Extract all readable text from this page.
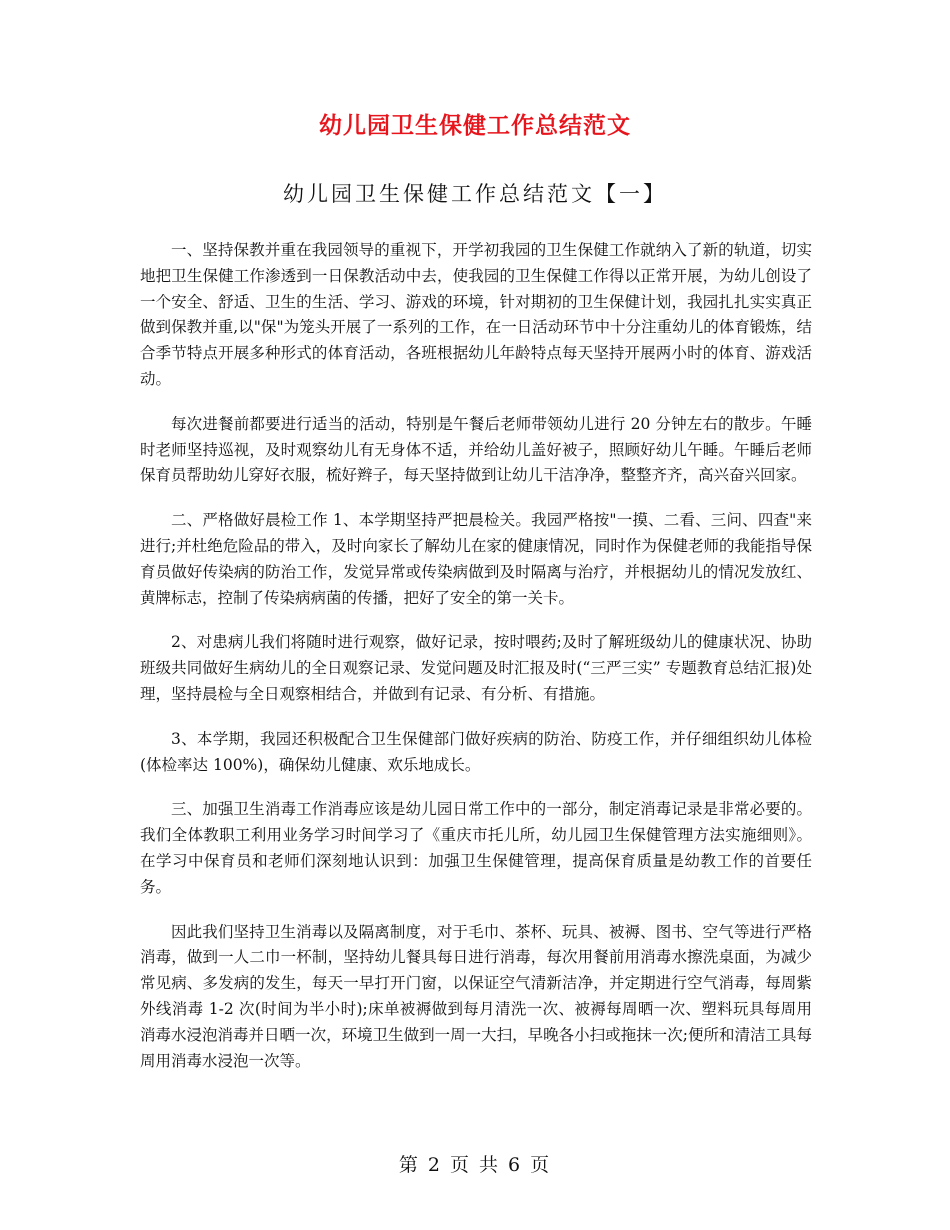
幼儿园卫生保健工作总结范文
幼儿园卫生保健工作总结范文【一】

一、坚持保教并重在我园领导的重视下，开学初我园的卫生保健工作就纳入了新的轨道，切实地把卫生保健工作渗透到一日保教活动中去，使我园的卫生保健工作得以正常开展，为幼儿创设了一个安全、舒适、卫生的生活、学习、游戏的环境，针对期初的卫生保健计划，我园扎扎实实真正做到保教并重,以"保"为笼头开展了一系列的工作，在一日活动环节中十分注重幼儿的体育锻炼，结合季节特点开展多种形式的体育活动，各班根据幼儿年龄特点每天坚持开展两小时的体育、游戏活动。

每次进餐前都要进行适当的活动，特别是午餐后老师带领幼儿进行 20 分钟左右的散步。午睡时老师坚持巡视，及时观察幼儿有无身体不适，并给幼儿盖好被子，照顾好幼儿午睡。午睡后老师保育员帮助幼儿穿好衣服，梳好辫子，每天坚持做到让幼儿干洁净净，整整齐齐，高兴奋兴回家。

二、严格做好晨检工作 1、本学期坚持严把晨检关。我园严格按"一摸、二看、三问、四查"来进行;并杜绝危险品的带入，及时向家长了解幼儿在家的健康情况，同时作为保健老师的我能指导保育员做好传染病的防治工作，发觉异常或传染病做到及时隔离与治疗，并根据幼儿的情况发放红、黄牌标志，控制了传染病病菌的传播，把好了安全的第一关卡。

2、对患病儿我们将随时进行观察，做好记录，按时喂药;及时了解班级幼儿的健康状况、协助班级共同做好生病幼儿的全日观察记录、发觉问题及时汇报及时(“三严三实” 专题教育总结汇报)处理，坚持晨检与全日观察相结合，并做到有记录、有分析、有措施。

3、本学期，我园还积极配合卫生保健部门做好疾病的防治、防疫工作，并仔细组织幼儿体检(体检率达 100%)，确保幼儿健康、欢乐地成长。

三、加强卫生消毒工作消毒应该是幼儿园日常工作中的一部分，制定消毒记录是非常必要的。我们全体教职工利用业务学习时间学习了《重庆市托儿所，幼儿园卫生保健管理方法实施细则》。在学习中保育员和老师们深刻地认识到：加强卫生保健管理，提高保育质量是幼教工作的首要任务。

因此我们坚持卫生消毒以及隔离制度，对于毛巾、茶杯、玩具、被褥、图书、空气等进行严格消毒，做到一人二巾一杯制，坚持幼儿餐具每日进行消毒，每次用餐前用消毒水擦洗桌面，为减少常见病、多发病的发生，每天一早打开门窗，以保证空气清新洁净，并定期进行空气消毒，每周紫外线消毒 1-2 次(时间为半小时);床单被褥做到每月清洗一次、被褥每周晒一次、塑料玩具每周用消毒水浸泡消毒并日晒一次，环境卫生做到一周一大扫，早晚各小扫或拖抹一次;便所和清洁工具每周用消毒水浸泡一次等。

第 2 页 共 6 页
